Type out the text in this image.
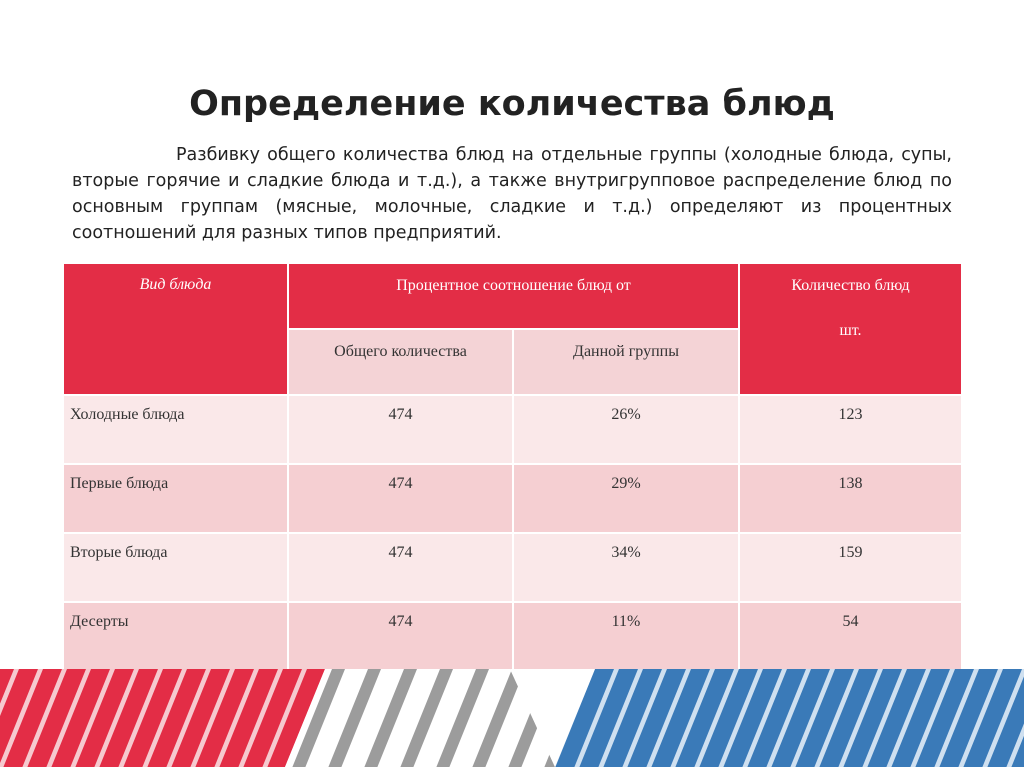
Определение количества блюд
Разбивку общего количества блюд на отдельные группы (холодные блюда, супы, вторые горячие и сладкие блюда и т.д.), а также внутригрупповое распределение блюд по основным группам (мясные, молочные, сладкие и т.д.) определяют из процентных соотношений для разных типов предприятий.
Вид блюда	Процентное соотношение блюд от		Количество блюд
шт.

	Общего количества	Данной группы	
Холодные блюда	474	26%	123
Первые блюда	474	29%	138
Вторые блюда	474	34%	159
Десерты	474	11%	54
